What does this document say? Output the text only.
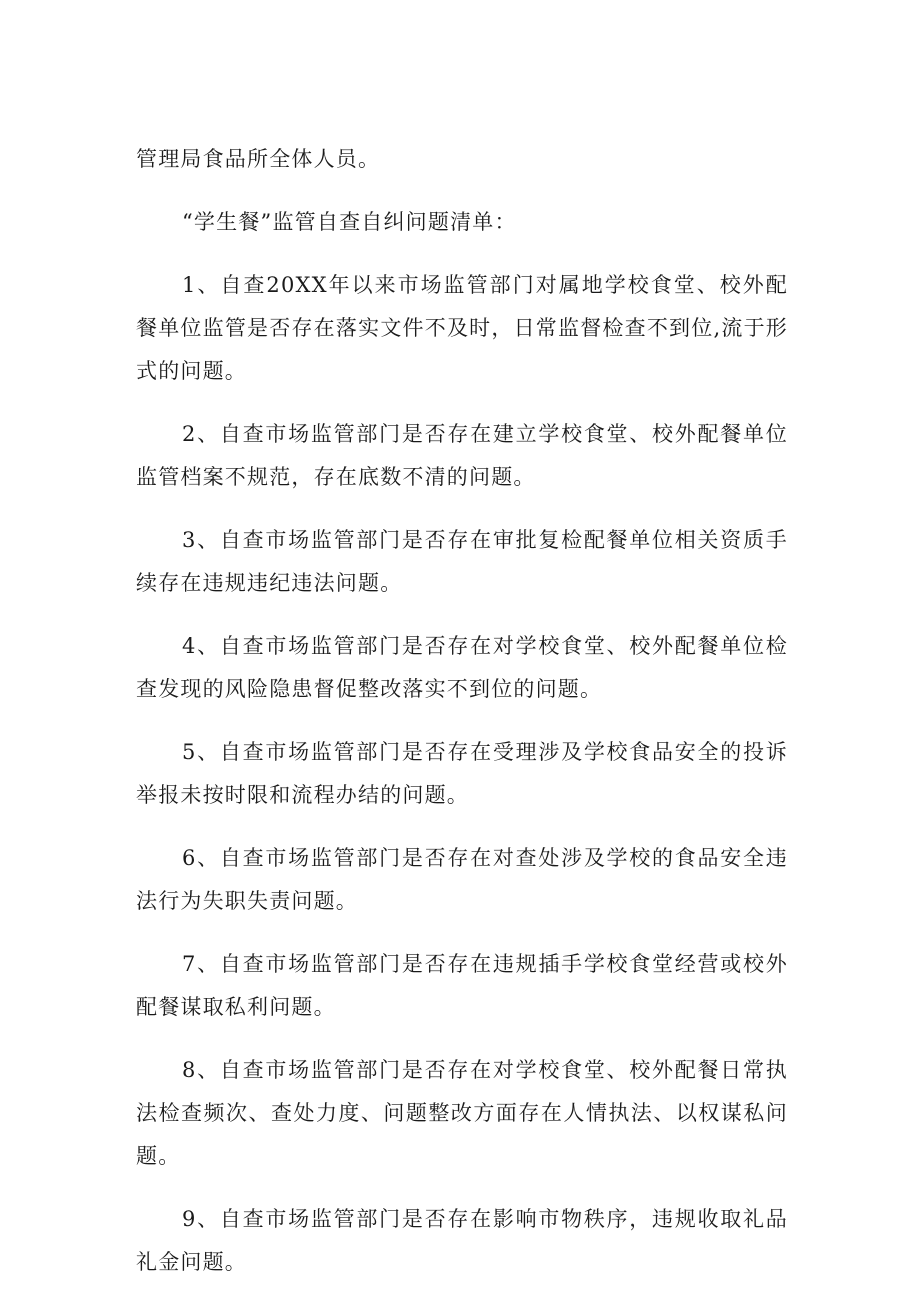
管理局食品所全体人员。

“学生餐”监管自查自纠问题清单：

1、自查20XX年以来市场监管部门对属地学校食堂、校外配餐单位监管是否存在落实文件不及时，日常监督检查不到位,流于形式的问题。

2、自查市场监管部门是否存在建立学校食堂、校外配餐单位监管档案不规范，存在底数不清的问题。

3、自查市场监管部门是否存在审批复检配餐单位相关资质手续存在违规违纪违法问题。

4、自查市场监管部门是否存在对学校食堂、校外配餐单位检查发现的风险隐患督促整改落实不到位的问题。

5、自查市场监管部门是否存在受理涉及学校食品安全的投诉举报未按时限和流程办结的问题。

6、自查市场监管部门是否存在对查处涉及学校的食品安全违法行为失职失责问题。

7、自查市场监管部门是否存在违规插手学校食堂经营或校外配餐谋取私利问题。

8、自查市场监管部门是否存在对学校食堂、校外配餐日常执法检查频次、查处力度、问题整改方面存在人情执法、以权谋私问题。

9、自查市场监管部门是否存在影响市物秩序，违规收取礼品礼金问题。
